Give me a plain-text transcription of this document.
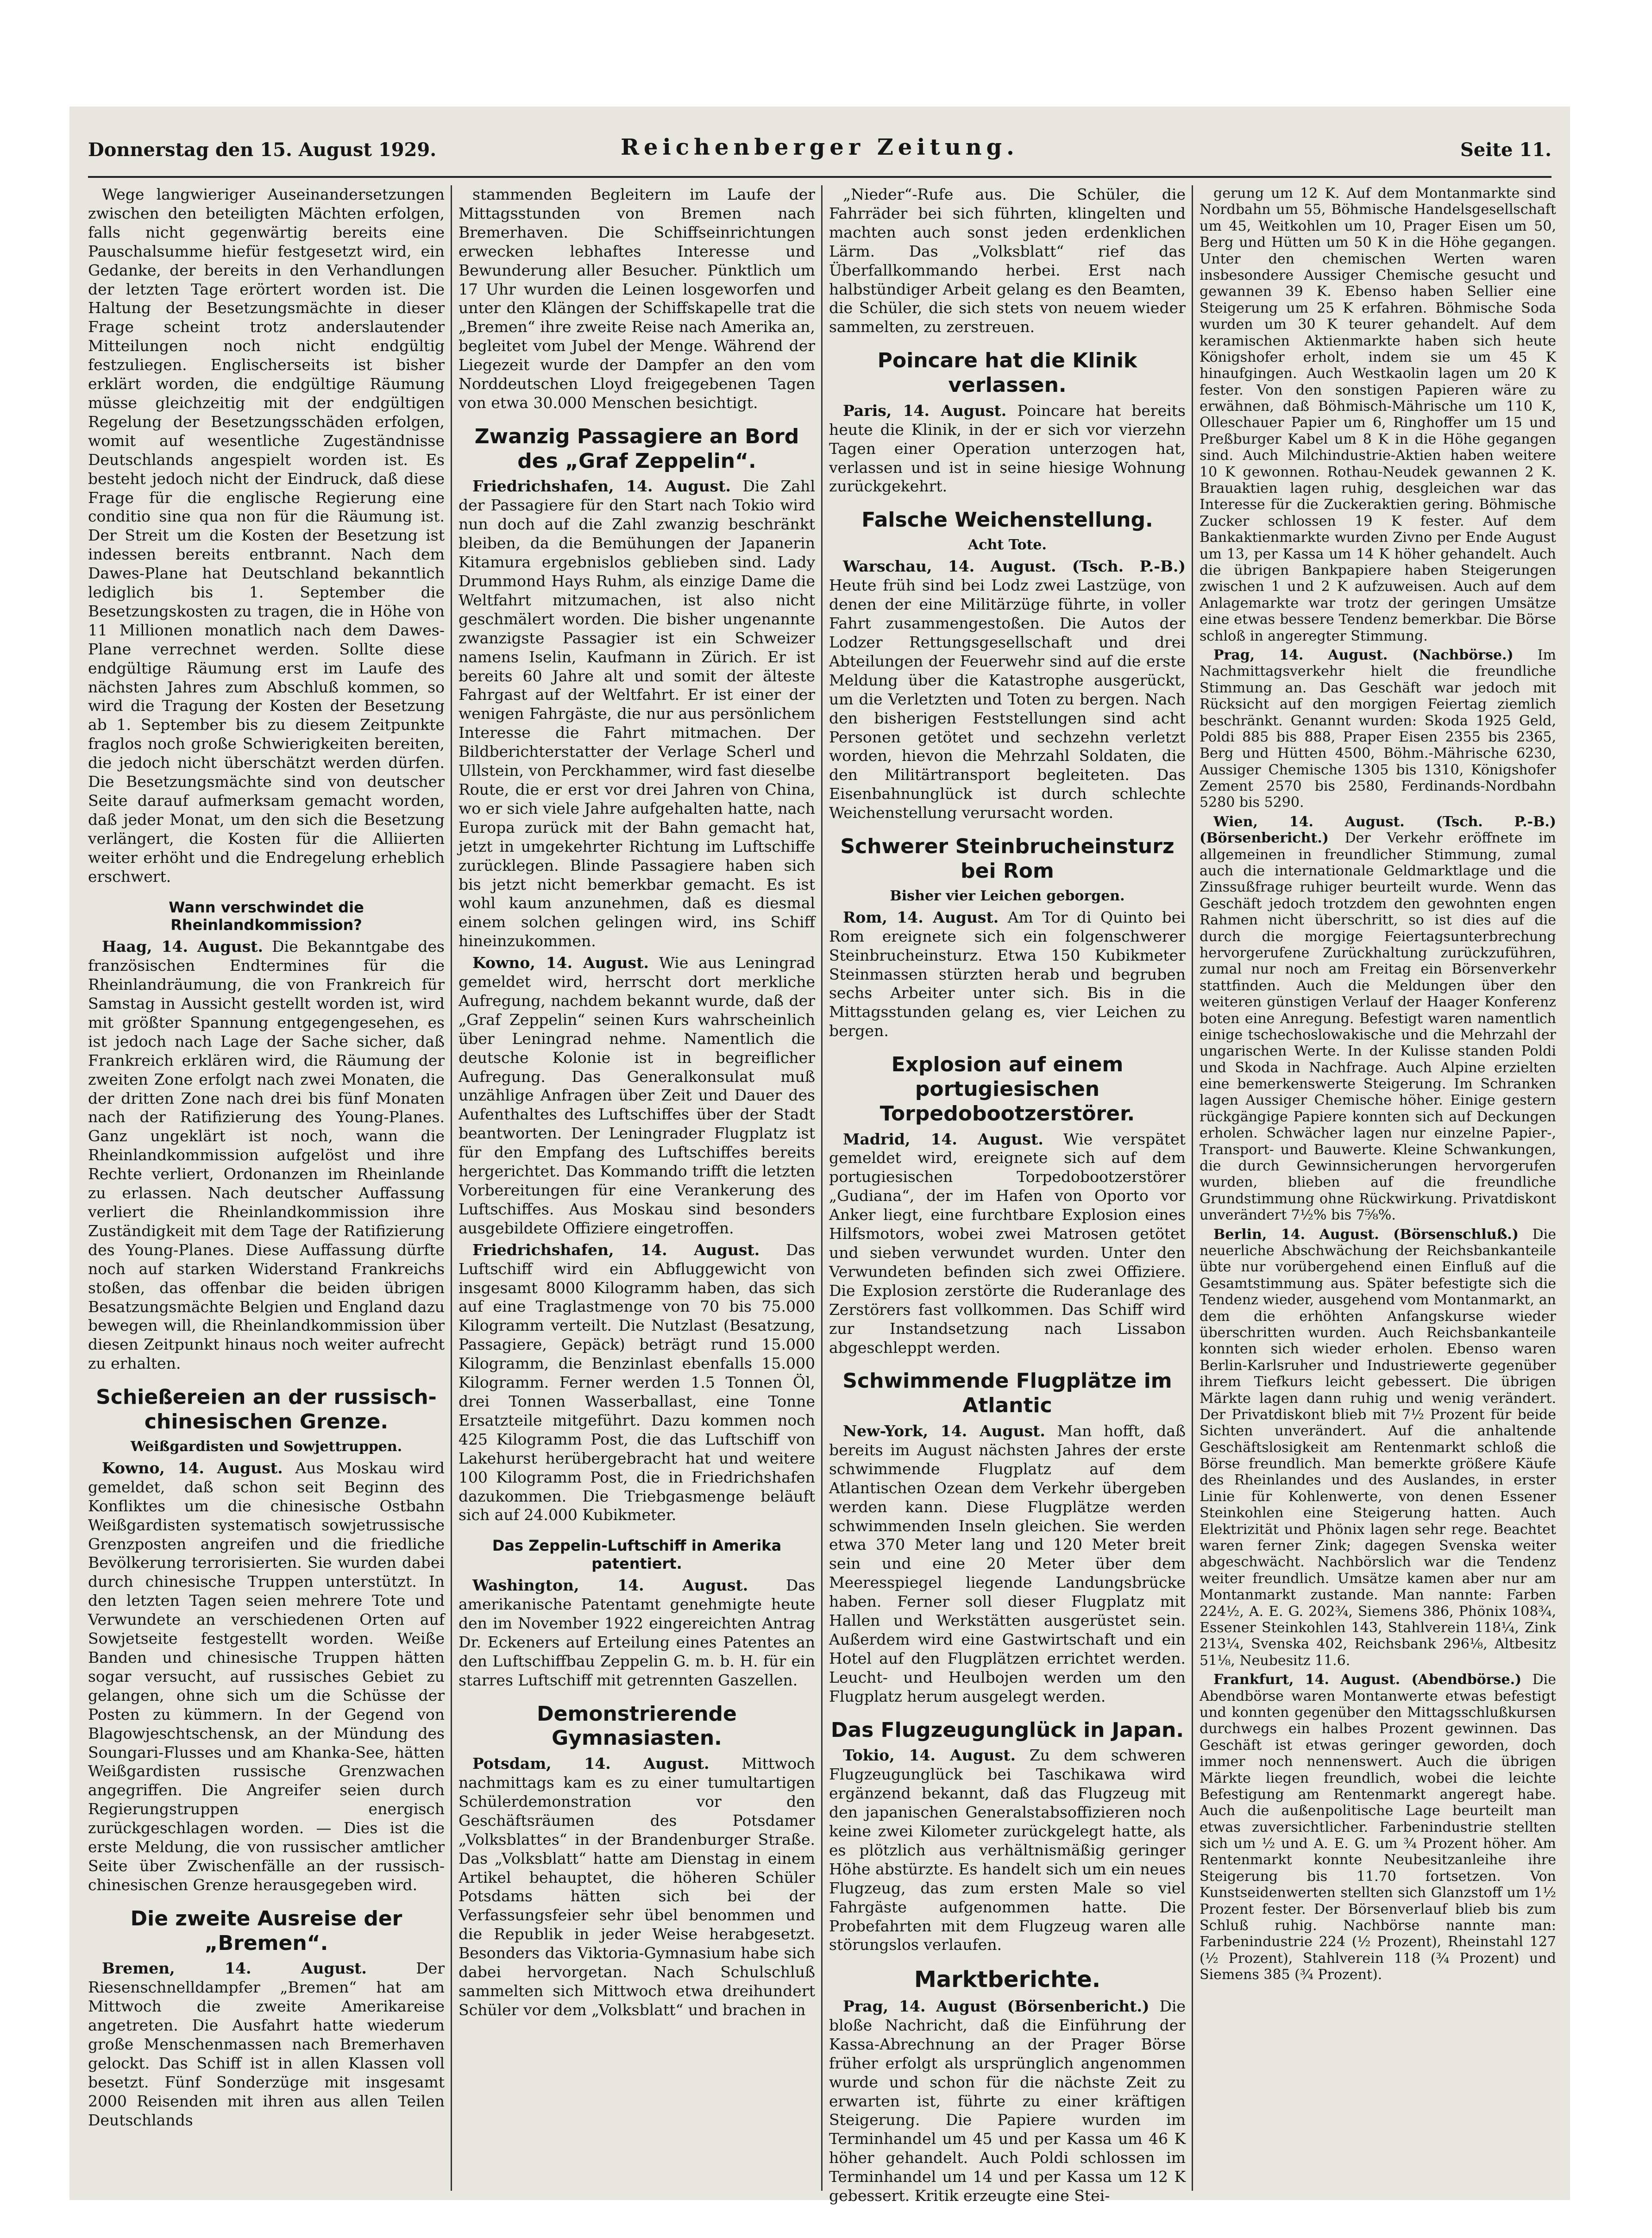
Donnerstag den 15. August 1929.	Reichenberger Zeitung.	Seite 11.

Wege langwieriger Auseinandersetzungen zwischen den beteiligten Mächten erfolgen, falls nicht gegenwärtig bereits eine Pauschalsumme hiefür festgesetzt wird, ein Gedanke, der bereits in den Verhandlungen der letzten Tage erörtert worden ist. Die Haltung der Besetzungsmächte in dieser Frage scheint trotz anderslautender Mitteilungen noch nicht endgültig festzuliegen. Englischerseits ist bisher erklärt worden, die endgültige Räumung müsse gleichzeitig mit der endgültigen Regelung der Besetzungsschäden erfolgen, womit auf wesentliche Zugeständnisse Deutschlands angespielt worden ist. Es besteht jedoch nicht der Eindruck, daß diese Frage für die englische Regierung eine conditio sine qua non für die Räumung ist. Der Streit um die Kosten der Besetzung ist indessen bereits entbrannt. Nach dem Dawes-Plane hat Deutschland bekanntlich lediglich bis 1. September die Besetzungskosten zu tragen, die in Höhe von 11 Millionen monatlich nach dem Dawes-Plane verrechnet werden. Sollte diese endgültige Räumung erst im Laufe des nächsten Jahres zum Abschluß kommen, so wird die Tragung der Kosten der Besetzung ab 1. September bis zu diesem Zeitpunkte fraglos noch große Schwierigkeiten bereiten, die jedoch nicht überschätzt werden dürfen. Die Besetzungsmächte sind von deutscher Seite darauf aufmerksam gemacht worden, daß jeder Monat, um den sich die Besetzung verlängert, die Kosten für die Alliierten weiter erhöht und die Endregelung erheblich erschwert.

Wann verschwindet die Rheinlandkommission?

Haag, 14. August. Die Bekanntgabe des französischen Endtermines für die Rheinlandräumung, die von Frankreich für Samstag in Aussicht gestellt worden ist, wird mit größter Spannung entgegengesehen, es ist jedoch nach Lage der Sache sicher, daß Frankreich erklären wird, die Räumung der zweiten Zone erfolgt nach zwei Monaten, die der dritten Zone nach drei bis fünf Monaten nach der Ratifizierung des Young-Planes. Ganz ungeklärt ist noch, wann die Rheinlandkommission aufgelöst und ihre Rechte verliert, Ordonanzen im Rheinlande zu erlassen. Nach deutscher Auffassung verliert die Rheinlandkommission ihre Zuständigkeit mit dem Tage der Ratifizierung des Young-Planes. Diese Auffassung dürfte noch auf starken Widerstand Frankreichs stoßen, das offenbar die beiden übrigen Besatzungsmächte Belgien und England dazu bewegen will, die Rheinlandkommission über diesen Zeitpunkt hinaus noch weiter aufrecht zu erhalten.

Schießereien an der russisch-chinesischen Grenze.
Weißgardisten und Sowjettruppen.

Kowno, 14. August. Aus Moskau wird gemeldet, daß schon seit Beginn des Konfliktes um die chinesische Ostbahn Weißgardisten systematisch sowjetrussische Grenzposten angreifen und die friedliche Bevölkerung terrorisierten. Sie wurden dabei durch chinesische Truppen unterstützt. In den letzten Tagen seien mehrere Tote und Verwundete an verschiedenen Orten auf Sowjetseite festgestellt worden. Weiße Banden und chinesische Truppen hätten sogar versucht, auf russisches Gebiet zu gelangen, ohne sich um die Schüsse der Posten zu kümmern. In der Gegend von Blagowjeschtschensk, an der Mündung des Soungari-Flusses und am Khanka-See, hätten Weißgardisten russische Grenzwachen angegriffen. Die Angreifer seien durch Regierungstruppen energisch zurückgeschlagen worden. — Dies ist die erste Meldung, die von russischer amtlicher Seite über Zwischenfälle an der russisch-chinesischen Grenze herausgegeben wird.

Die zweite Ausreise der „Bremen“.

Bremen, 14. August.	Der Riesenschnelldampfer „Bremen“ hat am Mittwoch die zweite Amerikareise angetreten. Die Ausfahrt hatte wiederum große Menschenmassen nach Bremerhaven gelockt. Das Schiff ist in allen Klassen voll besetzt. Fünf Sonderzüge mit insgesamt 2000 Reisenden mit ihren aus allen Teilen Deutschlands

stammenden Begleitern im Laufe der Mittagsstunden von Bremen nach Bremerhaven. Die Schiffseinrichtungen erwecken lebhaftes Interesse und Bewunderung aller Besucher. Pünktlich um 17 Uhr wurden die Leinen losgeworfen und unter den Klängen der Schiffskapelle trat die „Bremen“ ihre zweite Reise nach Amerika an, begleitet vom Jubel der Menge. Während der Liegezeit wurde der Dampfer an den vom Norddeutschen Lloyd freigegebenen Tagen von etwa 30.000 Menschen besichtigt.

Zwanzig Passagiere an Bord des „Graf Zeppelin“.

Friedrichshafen, 14. August. Die Zahl der Passagiere für den Start nach Tokio wird nun doch auf die Zahl zwanzig beschränkt bleiben, da die Bemühungen der Japanerin Kitamura ergebnislos geblieben sind. Lady Drummond Hays Ruhm, als einzige Dame die Weltfahrt mitzumachen, ist also nicht geschmälert worden. Die bisher ungenannte zwanzigste Passagier ist ein Schweizer namens Iselin, Kaufmann in Zürich. Er ist bereits 60 Jahre alt und somit der älteste Fahrgast auf der Weltfahrt. Er ist einer der wenigen Fahrgäste, die nur aus persönlichem Interesse die Fahrt mitmachen. Der Bildberichterstatter der Verlage Scherl und Ullstein, von Perckhammer, wird fast dieselbe Route, die er erst vor drei Jahren von China, wo er sich viele Jahre aufgehalten hatte, nach Europa zurück mit der Bahn gemacht hat, jetzt in umgekehrter Richtung im Luftschiffe zurücklegen. Blinde Passagiere haben sich bis jetzt nicht bemerkbar gemacht. Es ist wohl kaum anzunehmen, daß es diesmal einem solchen gelingen wird, ins Schiff hineinzukommen.

Kowno, 14. August. Wie aus Leningrad gemeldet wird, herrscht dort merkliche Aufregung, nachdem bekannt wurde, daß der „Graf Zeppelin“ seinen Kurs wahrscheinlich über Leningrad nehme. Namentlich die deutsche Kolonie ist in begreiflicher Aufregung. Das Generalkonsulat muß unzählige Anfragen über Zeit und Dauer des Aufenthaltes des Luftschiffes über der Stadt beantworten. Der Leningrader Flugplatz ist für den Empfang des Luftschiffes bereits hergerichtet. Das Kommando trifft die letzten Vorbereitungen für eine Verankerung des Luftschiffes. Aus Moskau sind besonders ausgebildete Offiziere eingetroffen.

Friedrichshafen, 14. August. Das Luftschiff wird ein Abfluggewicht von insgesamt 8000 Kilogramm haben, das sich auf eine Traglastmenge von 70 bis 75.000 Kilogramm verteilt. Die Nutzlast (Besatzung, Passagiere, Gepäck) beträgt rund 15.000 Kilogramm, die Benzinlast ebenfalls 15.000 Kilogramm. Ferner werden 1.5 Tonnen Öl, drei Tonnen Wasserballast, eine Tonne Ersatzteile mitgeführt. Dazu kommen noch 425 Kilogramm Post, die das Luftschiff von Lakehurst herübergebracht hat und weitere 100 Kilogramm Post, die in Friedrichshafen dazukommen. Die Triebgasmenge beläuft sich auf 24.000 Kubikmeter.

Das Zeppelin-Luftschiff in Amerika patentiert.

Washington, 14. August. Das amerikanische Patentamt genehmigte heute den im November 1922 eingereichten Antrag Dr. Eckeners auf Erteilung eines Patentes an den Luftschiffbau Zeppelin G. m. b. H. für ein starres Luftschiff mit getrennten Gaszellen.

Demonstrierende Gymnasiasten.

Potsdam, 14. August. Mittwoch nachmittags kam es zu einer tumultartigen Schülerdemonstration vor den Geschäftsräumen des Potsdamer „Volksblattes“ in der Brandenburger Straße. Das „Volksblatt“ hatte am Dienstag in einem Artikel behauptet, die höheren Schüler Potsdams hätten sich bei der Verfassungsfeier sehr übel benommen und die Republik in jeder Weise herabgesetzt. Besonders das Viktoria-Gymnasium habe sich dabei hervorgetan. Nach Schulschluß sammelten sich Mittwoch etwa dreihundert Schüler vor dem „Volksblatt“ und brachen in

„Nieder“-Rufe aus. Die Schüler, die Fahrräder bei sich führten, klingelten und machten auch sonst jeden erdenklichen Lärm. Das „Volksblatt“ rief das Überfallkommando herbei. Erst nach halbstündiger Arbeit gelang es den Beamten, die Schüler, die sich stets von neuem wieder sammelten, zu zerstreuen.

Poincare hat die Klinik verlassen.

Paris, 14. August. Poincare hat bereits heute die Klinik, in der er sich vor vierzehn Tagen einer Operation unterzogen hat, verlassen und ist in seine hiesige Wohnung zurückgekehrt.

Falsche Weichenstellung.
Acht Tote.

Warschau, 14. August. (Tsch. P.-B.) Heute früh sind bei Lodz zwei Lastzüge, von denen der eine Militärzüge führte, in voller Fahrt zusammengestoßen. Die Autos der Lodzer Rettungsgesellschaft und drei Abteilungen der Feuerwehr sind auf die erste Meldung über die Katastrophe ausgerückt, um die Verletzten und Toten zu bergen. Nach den bisherigen Feststellungen sind acht Personen getötet und sechzehn verletzt worden, hievon die Mehrzahl Soldaten, die den Militärtransport begleiteten. Das Eisenbahnunglück ist durch schlechte Weichenstellung verursacht worden.

Schwerer Steinbrucheinsturz bei Rom
Bisher vier Leichen geborgen.

Rom, 14. August. Am Tor di Quinto bei Rom ereignete sich ein folgenschwerer Steinbrucheinsturz. Etwa 150 Kubikmeter Steinmassen stürzten herab und begruben sechs Arbeiter unter sich. Bis in die Mittagsstunden gelang es, vier Leichen zu bergen.

Explosion auf einem portugiesischen Torpedobootzerstörer.

Madrid, 14. August. Wie verspätet gemeldet wird, ereignete sich auf dem portugiesischen Torpedobootzerstörer „Gudiana“, der im Hafen von Oporto vor Anker liegt, eine furchtbare Explosion eines Hilfsmotors, wobei zwei Matrosen getötet und sieben verwundet wurden. Unter den Verwundeten befinden sich zwei Offiziere. Die Explosion zerstörte die Ruderanlage des Zerstörers fast vollkommen. Das Schiff wird zur Instandsetzung nach Lissabon abgeschleppt werden.

Schwimmende Flugplätze im Atlantic

New-York, 14. August. Man hofft, daß bereits im August nächsten Jahres der erste schwimmende Flugplatz auf dem Atlantischen Ozean dem Verkehr übergeben werden kann. Diese Flugplätze werden schwimmenden Inseln gleichen. Sie werden etwa 370 Meter lang und 120 Meter breit sein und eine 20 Meter über dem Meeresspiegel liegende Landungsbrücke haben. Ferner soll dieser Flugplatz mit Hallen und Werkstätten ausgerüstet sein. Außerdem wird eine Gastwirtschaft und ein Hotel auf den Flugplätzen errichtet werden. Leucht- und Heulbojen werden um den Flugplatz herum ausgelegt werden.

Das Flugzeugunglück in Japan.

Tokio, 14. August. Zu dem schweren Flugzeugunglück bei Taschikawa wird ergänzend bekannt, daß das Flugzeug mit den japanischen Generalstabsoffizieren noch keine zwei Kilometer zurückgelegt hatte, als es plötzlich aus verhältnismäßig geringer Höhe abstürzte. Es handelt sich um ein neues Flugzeug, das zum ersten Male so viel Fahrgäste aufgenommen hatte. Die Probefahrten mit dem Flugzeug waren alle störungslos verlaufen.

Marktberichte.

Prag, 14. August (Börsenbericht.) Die bloße Nachricht, daß die Einführung der Kassa-Abrechnung an der Prager Börse früher erfolgt als ursprünglich angenommen wurde und schon für die nächste Zeit zu erwarten ist, führte zu einer kräftigen Steigerung. Die Papiere wurden im Terminhandel um 45 und per Kassa um 46 K höher gehandelt. Auch Poldi schlossen im Terminhandel um 14 und per Kassa um 12 K gebessert. Kritik erzeugte eine Stei-

gerung um 12 K. Auf dem Montanmarkte sind Nordbahn um 55, Böhmische Handelsgesellschaft um 45, Weitkohlen um 10, Prager Eisen um 50, Berg und Hütten um 50 K in die Höhe gegangen. Unter den chemischen Werten waren insbesondere Aussiger Chemische gesucht und gewannen 39 K. Ebenso haben Sellier eine Steigerung um 25 K erfahren. Böhmische Soda wurden um 30 K teurer gehandelt. Auf dem keramischen Aktienmarkte haben sich heute Königshofer erholt, indem sie um 45 K hinaufgingen. Auch Westkaolin lagen um 20 K fester. Von den sonstigen Papieren wäre zu erwähnen, daß Böhmisch-Mährische um 110 K, Olleschauer Papier um 6, Ringhoffer um 15 und Preßburger Kabel um 8 K in die Höhe gegangen sind. Auch Milchindustrie-Aktien haben weitere 10 K gewonnen. Rothau-Neudek gewannen 2 K. Brauaktien lagen ruhig, desgleichen war das Interesse für die Zuckeraktien gering. Böhmische Zucker schlossen 19 K fester. Auf dem Bankaktienmarkte wurden Zivno per Ende August um 13, per Kassa um 14 K höher gehandelt. Auch die übrigen Bankpapiere haben Steigerungen zwischen 1 und 2 K aufzuweisen. Auch auf dem Anlagemarkte war trotz der geringen Umsätze eine etwas bessere Tendenz bemerkbar. Die Börse schloß in angeregter Stimmung.

Prag, 14. August. (Nachbörse.) Im Nachmittagsverkehr hielt die freundliche Stimmung an. Das Geschäft war jedoch mit Rücksicht auf den morgigen Feiertag ziemlich beschränkt. Genannt wurden: Skoda 1925 Geld, Poldi 885 bis 888, Praper Eisen 2355 bis 2365, Berg und Hütten 4500, Böhm.-Mährische 6230, Aussiger Chemische 1305 bis 1310, Königshofer Zement 2570 bis 2580, Ferdinands-Nordbahn 5280 bis 5290.

Wien, 14. August. (Tsch. P.-B.) (Börsenbericht.) Der Verkehr eröffnete im allgemeinen in freundlicher Stimmung, zumal auch die internationale Geldmarktlage und die Zinssußfrage ruhiger beurteilt wurde. Wenn das Geschäft jedoch trotzdem den gewohnten engen Rahmen nicht überschritt, so ist dies auf die durch die morgige Feiertagsunterbrechung hervorgerufene Zurückhaltung zurückzuführen, zumal nur noch am Freitag ein Börsenverkehr stattfinden. Auch die Meldungen über den weiteren günstigen Verlauf der Haager Konferenz boten eine Anregung. Befestigt waren namentlich einige tschechoslowakische und die Mehrzahl der ungarischen Werte. In der Kulisse standen Poldi und Skoda in Nachfrage. Auch Alpine erzielten eine bemerkenswerte Steigerung. Im Schranken lagen Aussiger Chemische höher. Einige gestern rückgängige Papiere konnten sich auf Deckungen erholen. Schwächer lagen nur einzelne Papier-, Transport- und Bauwerte. Kleine Schwankungen, die durch Gewinnsicherungen hervorgerufen wurden, blieben auf die freundliche Grundstimmung ohne Rückwirkung. Privatdiskont unverändert 7½% bis 7⅝%.

Berlin, 14. August. (Börsenschluß.) Die neuerliche Abschwächung der Reichsbankanteile übte nur vorübergehend einen Einfluß auf die Gesamtstimmung aus. Später befestigte sich die Tendenz wieder, ausgehend vom Montanmarkt, an dem die erhöhten Anfangskurse wieder überschritten wurden. Auch Reichsbankanteile konnten sich wieder erholen. Ebenso waren Berlin-Karlsruher und Industriewerte gegenüber ihrem Tiefkurs leicht gebessert. Die übrigen Märkte lagen dann ruhig und wenig verändert. Der Privatdiskont blieb mit 7½ Prozent für beide Sichten unverändert. Auf die anhaltende Geschäftslosigkeit am Rentenmarkt schloß die Börse freundlich. Man bemerkte größere Käufe des Rheinlandes und des Auslandes, in erster Linie für Kohlenwerte, von denen Essener Steinkohlen eine Steigerung hatten. Auch Elektrizität und Phönix lagen sehr rege. Beachtet waren ferner Zink; dagegen Svenska weiter abgeschwächt. Nachbörslich war die Tendenz weiter freundlich. Umsätze kamen aber nur am Montanmarkt zustande. Man nannte: Farben 224½, A. E. G. 202¾, Siemens 386, Phönix 108¾, Essener Steinkohlen 143, Stahlverein 118¼, Zink 213¼, Svenska 402, Reichsbank 296⅛, Altbesitz 51⅛, Neubesitz 11.6.

Frankfurt, 14. August. (Abendbörse.) Die Abendbörse waren Montanwerte etwas befestigt und konnten gegenüber den Mittagsschlußkursen durchwegs ein halbes Prozent gewinnen. Das Geschäft ist etwas geringer geworden, doch immer noch nennenswert. Auch die übrigen Märkte liegen freundlich, wobei die leichte Befestigung am Rentenmarkt angeregt habe. Auch die außenpolitische Lage beurteilt man etwas zuversichtlicher. Farbenindustrie stellten sich um ½ und A. E. G. um ¾ Prozent höher. Am Rentenmarkt konnte Neubesitzanleihe ihre Steigerung bis 11.70 fortsetzen. Von Kunstseidenwerten stellten sich Glanzstoff um 1½ Prozent fester. Der Börsenverlauf blieb bis zum Schluß ruhig. Nachbörse nannte man: Farbenindustrie 224 (½ Prozent), Rheinstahl 127 (½ Prozent), Stahlverein 118 (¾ Prozent) und Siemens 385 (¾ Prozent).
